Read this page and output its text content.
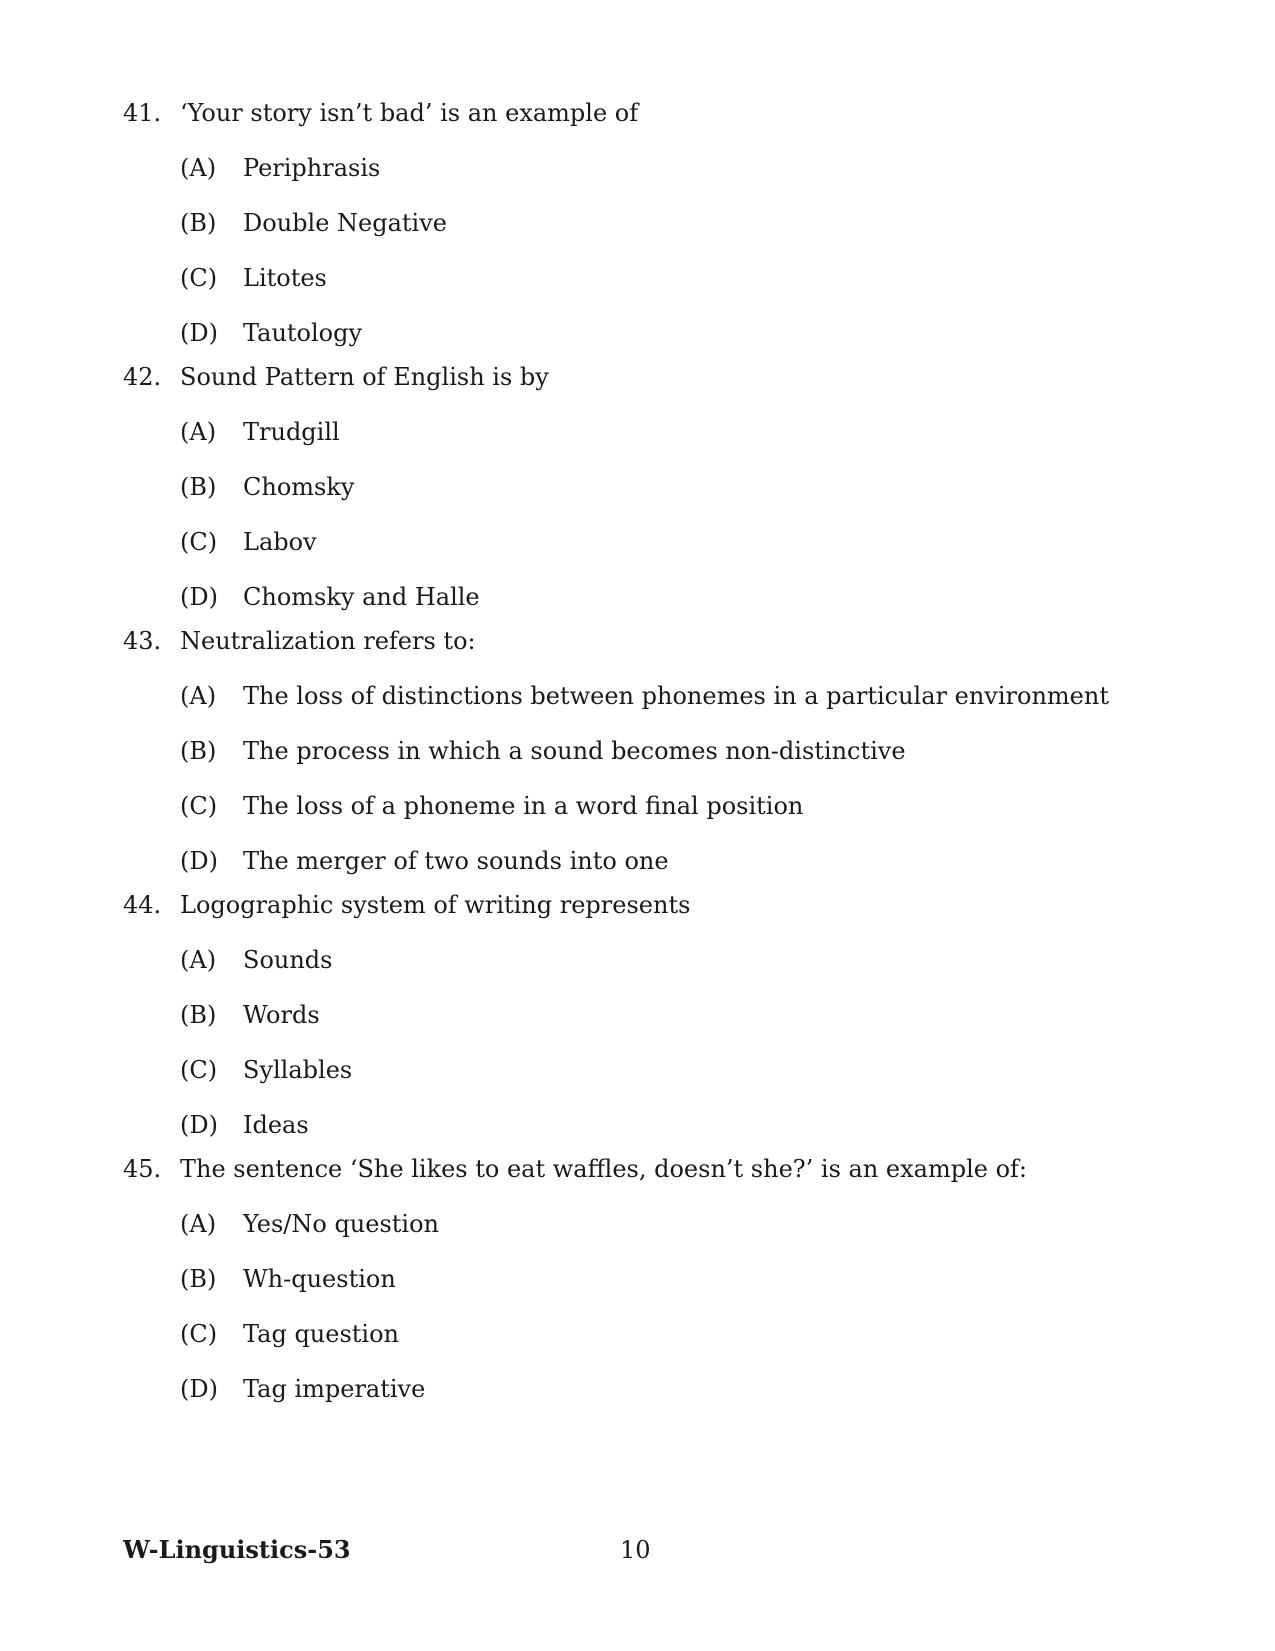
41. ‘Your story isn’t bad’ is an example of
(A) Periphrasis
(B) Double Negative
(C) Litotes
(D) Tautology
42. Sound Pattern of English is by
(A) Trudgill
(B) Chomsky
(C) Labov
(D) Chomsky and Halle
43. Neutralization refers to:
(A) The loss of distinctions between phonemes in a particular environment
(B) The process in which a sound becomes non-distinctive
(C) The loss of a phoneme in a word final position
(D) The merger of two sounds into one
44. Logographic system of writing represents
(A) Sounds
(B) Words
(C) Syllables
(D) Ideas
45. The sentence ‘She likes to eat waffles, doesn’t she?’ is an example of:
(A) Yes/No question
(B) Wh-question
(C) Tag question
(D) Tag imperative
W-Linguistics-53	10
